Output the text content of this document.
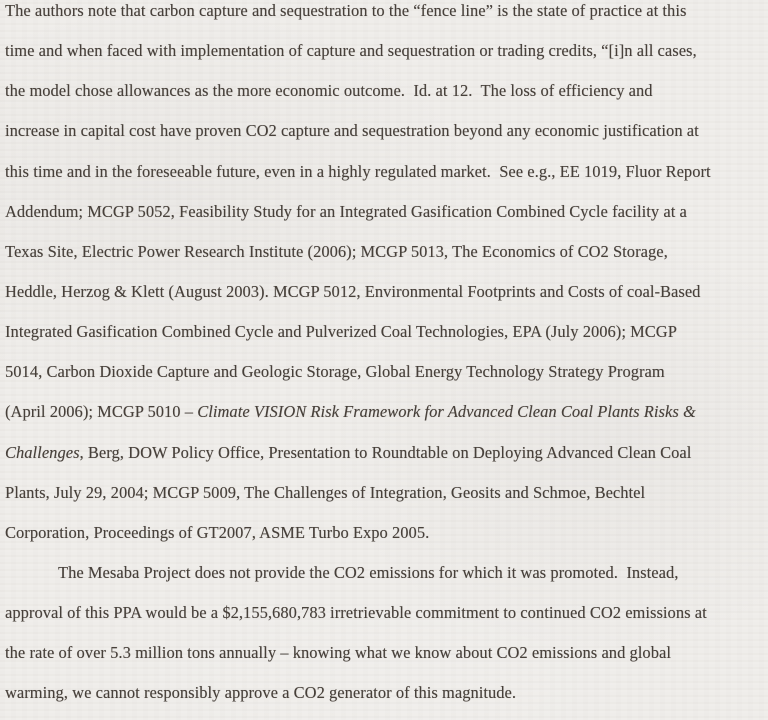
The authors note that carbon capture and sequestration to the “fence line” is the state of practice at this
time and when faced with implementation of capture and sequestration or trading credits, “[i]n all cases,
the model chose allowances as the more economic outcome.  Id. at 12.  The loss of efficiency and
increase in capital cost have proven CO2 capture and sequestration beyond any economic justification at
this time and in the foreseeable future, even in a highly regulated market.  See e.g., EE 1019, Fluor Report
Addendum; MCGP 5052, Feasibility Study for an Integrated Gasification Combined Cycle facility at a
Texas Site, Electric Power Research Institute (2006); MCGP 5013, The Economics of CO2 Storage,
Heddle, Herzog & Klett (August 2003). MCGP 5012, Environmental Footprints and Costs of coal-Based
Integrated Gasification Combined Cycle and Pulverized Coal Technologies, EPA (July 2006); MCGP
5014, Carbon Dioxide Capture and Geologic Storage, Global Energy Technology Strategy Program
(April 2006); MCGP 5010 – Climate VISION Risk Framework for Advanced Clean Coal Plants Risks &
Challenges, Berg, DOW Policy Office, Presentation to Roundtable on Deploying Advanced Clean Coal
Plants, July 29, 2004; MCGP 5009, The Challenges of Integration, Geosits and Schmoe, Bechtel
Corporation, Proceedings of GT2007, ASME Turbo Expo 2005.
The Mesaba Project does not provide the CO2 emissions for which it was promoted.  Instead,
approval of this PPA would be a $2,155,680,783 irretrievable commitment to continued CO2 emissions at
the rate of over 5.3 million tons annually – knowing what we know about CO2 emissions and global
warming, we cannot responsibly approve a CO2 generator of this magnitude.
